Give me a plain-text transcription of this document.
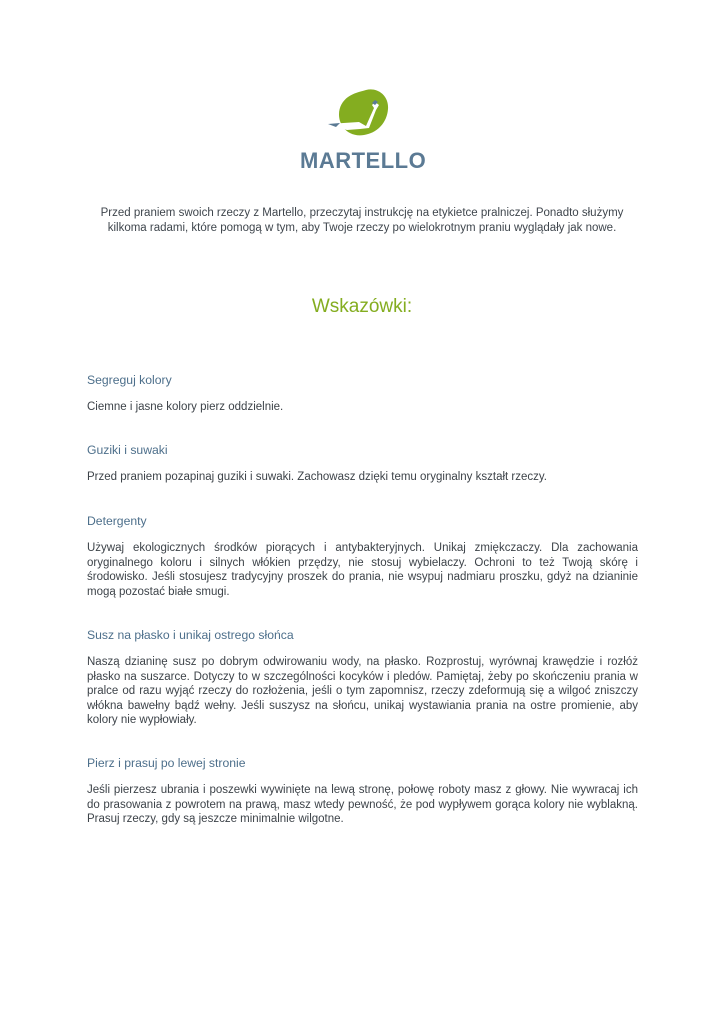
MARTELLO
Przed praniem swoich rzeczy z Martello, przeczytaj instrukcję na etykietce pralniczej. Ponadto służymy kilkoma radami, które pomogą w tym, aby Twoje rzeczy po wielokrotnym praniu wyglądały jak nowe.
Wskazówki:
Segreguj kolory

Ciemne i jasne kolory pierz oddzielnie.

Guziki i suwaki

Przed praniem pozapinaj guziki i suwaki. Zachowasz dzięki temu oryginalny kształt rzeczy.

Detergenty

Używaj ekologicznych środków piorących i antybakteryjnych. Unikaj zmiękczaczy. Dla zachowania oryginalnego koloru i silnych włókien przędzy, nie stosuj wybielaczy. Ochroni to też Twoją skórę i środowisko. Jeśli stosujesz tradycyjny proszek do prania, nie wsypuj nadmiaru proszku, gdyż na dzianinie mogą pozostać białe smugi.

Susz na płasko i unikaj ostrego słońca

Naszą dzianinę susz po dobrym odwirowaniu wody, na płasko. Rozprostuj, wyrównaj krawędzie i rozłóż płasko na suszarce. Dotyczy to w szczególności kocyków i pledów. Pamiętaj, żeby po skończeniu prania w pralce od razu wyjąć rzeczy do rozłożenia, jeśli o tym zapomnisz, rzeczy zdeformują się a wilgoć zniszczy włókna bawełny bądź wełny. Jeśli suszysz na słońcu, unikaj wystawiania prania na ostre promienie, aby kolory nie wypłowiały.

Pierz i prasuj po lewej stronie

Jeśli pierzesz ubrania i poszewki wywinięte na lewą stronę, połowę roboty masz z głowy. Nie wywracaj ich do prasowania z powrotem na prawą, masz wtedy pewność, że pod wypływem gorąca kolory nie wyblakną. Prasuj rzeczy, gdy są jeszcze minimalnie wilgotne.
